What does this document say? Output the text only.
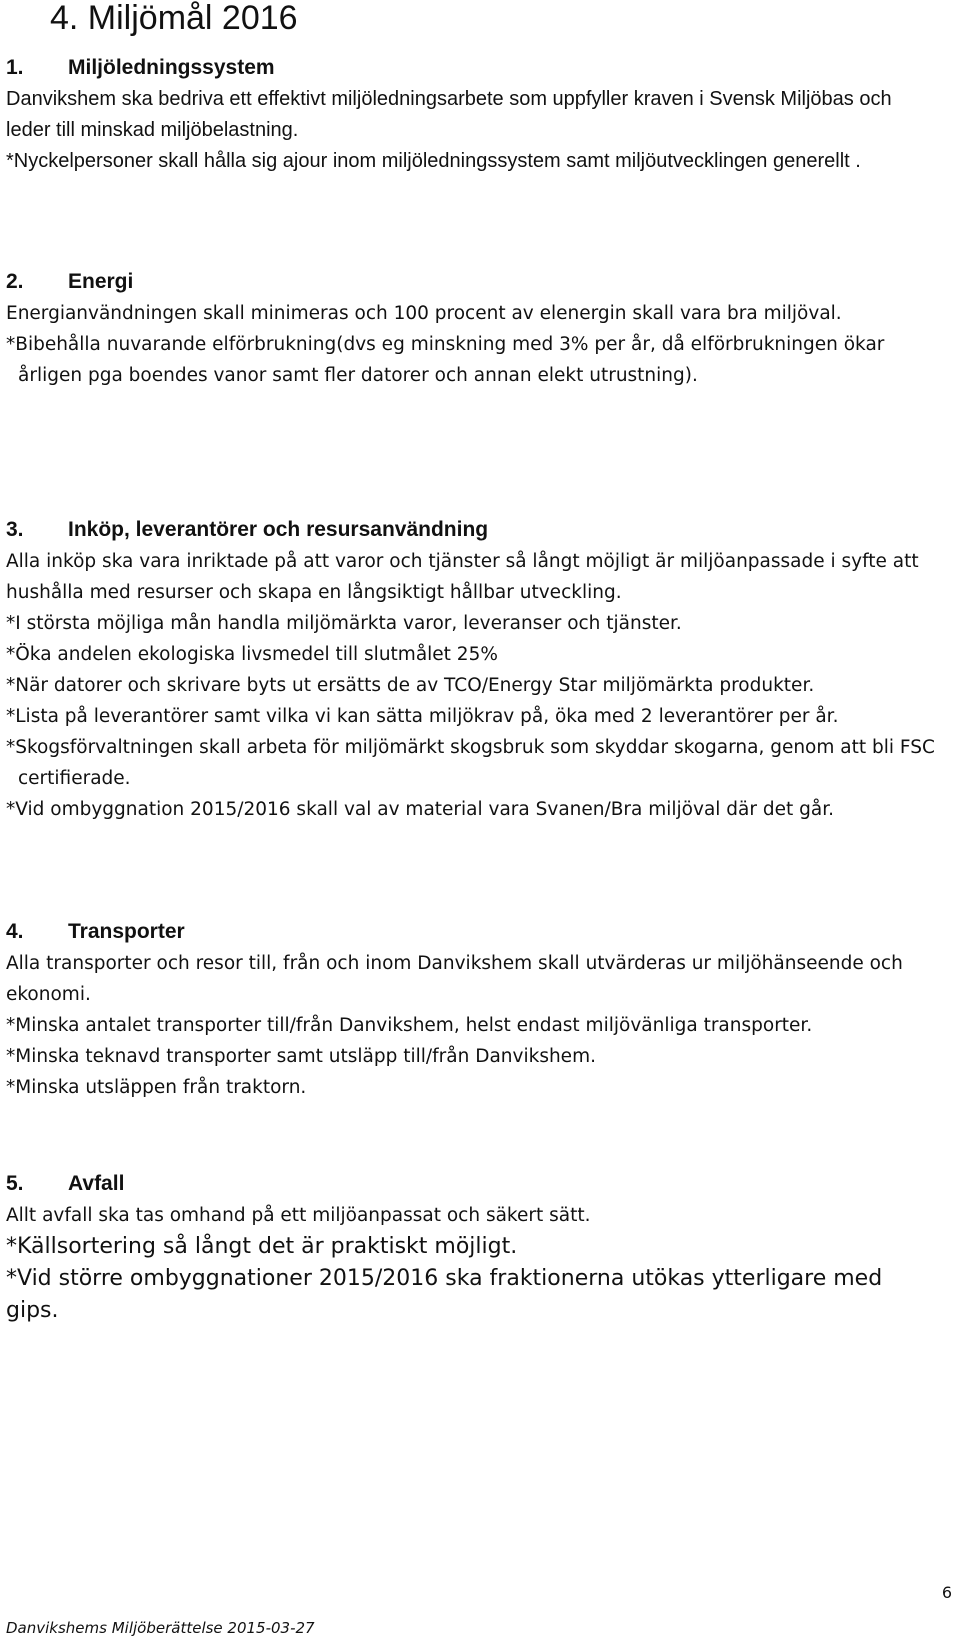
4. Miljömål 2016
1. Miljöledningssystem

Danvikshem ska bedriva ett effektivt miljöledningsarbete som uppfyller kraven i Svensk Miljöbas och leder till minskad miljöbelastning.

*Nyckelpersoner skall hålla sig ajour inom miljöledningssystem samt miljöutvecklingen generellt .

2. Energi

Energianvändningen skall minimeras och 100 procent av elenergin skall vara bra miljöval.

*Bibehålla nuvarande elförbrukning(dvs eg minskning med 3% per år, då elförbrukningen ökar årligen pga boendes vanor samt fler datorer och annan elekt utrustning).

3. Inköp, leverantörer och resursanvändning

Alla inköp ska vara inriktade på att varor och tjänster så långt möjligt är miljöanpassade i syfte att hushålla med resurser och skapa en långsiktigt hållbar utveckling.

*I största möjliga mån handla miljömärkta varor, leveranser och tjänster.

*Öka andelen ekologiska livsmedel till slutmålet 25%

*När datorer och skrivare byts ut ersätts de av TCO/Energy Star miljömärkta produkter.

*Lista på leverantörer samt vilka vi kan sätta miljökrav på, öka med 2 leverantörer per år.

*Skogsförvaltningen skall arbeta för miljömärkt skogsbruk som skyddar skogarna, genom att bli FSC certifierade.

*Vid ombyggnation 2015/2016 skall val av material vara Svanen/Bra miljöval där det går.

4. Transporter

Alla transporter och resor till, från och inom Danvikshem skall utvärderas ur miljöhänseende och ekonomi.

*Minska antalet transporter till/från Danvikshem, helst endast miljövänliga transporter.

*Minska teknavd transporter samt utsläpp till/från Danvikshem.

*Minska utsläppen från traktorn.

5. Avfall

Allt avfall ska tas omhand på ett miljöanpassat och säkert sätt.

*Källsortering så långt det är praktiskt möjligt.

*Vid större ombyggnationer 2015/2016 ska fraktionerna utökas ytterligare med gips.

6
Danvikshems Miljöberättelse 2015-03-27
